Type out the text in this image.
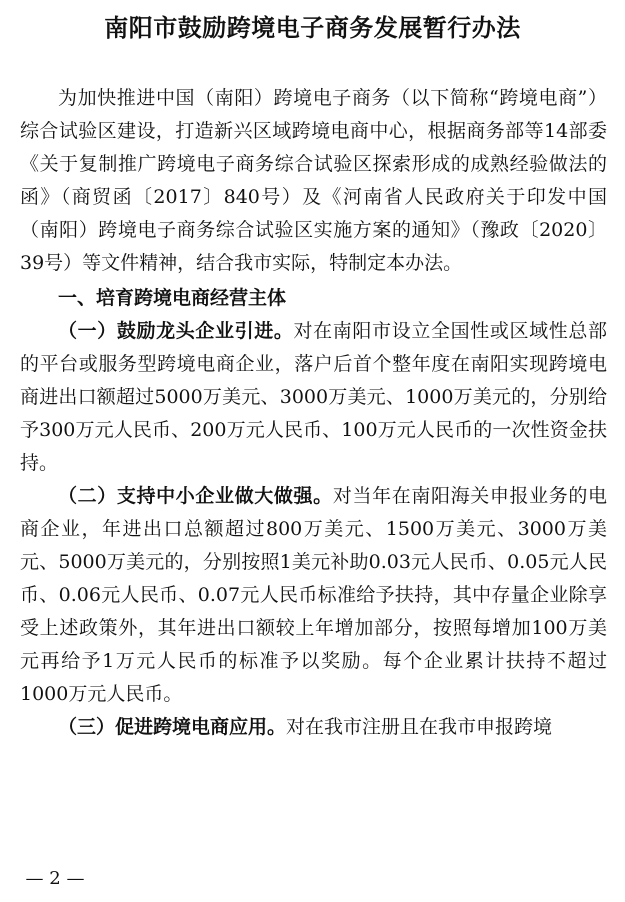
南阳市鼓励跨境电子商务发展暂行办法

为加快推进中国（南阳）跨境电子商务（以下简称“跨境电商”）综合试验区建设，打造新兴区域跨境电商中心，根据商务部等14部委《关于复制推广跨境电子商务综合试验区探索形成的成熟经验做法的函》（商贸函〔2017〕840号）及《河南省人民政府关于印发中国（南阳）跨境电子商务综合试验区实施方案的通知》（豫政〔2020〕39号）等文件精神，结合我市实际，特制定本办法。

一、培育跨境电商经营主体

（一）鼓励龙头企业引进。对在南阳市设立全国性或区域性总部的平台或服务型跨境电商企业，落户后首个整年度在南阳实现跨境电商进出口额超过5000万美元、3000万美元、1000万美元的，分别给予300万元人民币、200万元人民币、100万元人民币的一次性资金扶持。

（二）支持中小企业做大做强。对当年在南阳海关申报业务的电商企业，年进出口总额超过800万美元、1500万美元、3000万美元、5000万美元的，分别按照1美元补助0.03元人民币、0.05元人民币、0.06元人民币、0.07元人民币标准给予扶持，其中存量企业除享受上述政策外，其年进出口额较上年增加部分，按照每增加100万美元再给予1万元人民币的标准予以奖励。每个企业累计扶持不超过1000万元人民币。

（三）促进跨境电商应用。对在我市注册且在我市申报跨境

— 2 —
